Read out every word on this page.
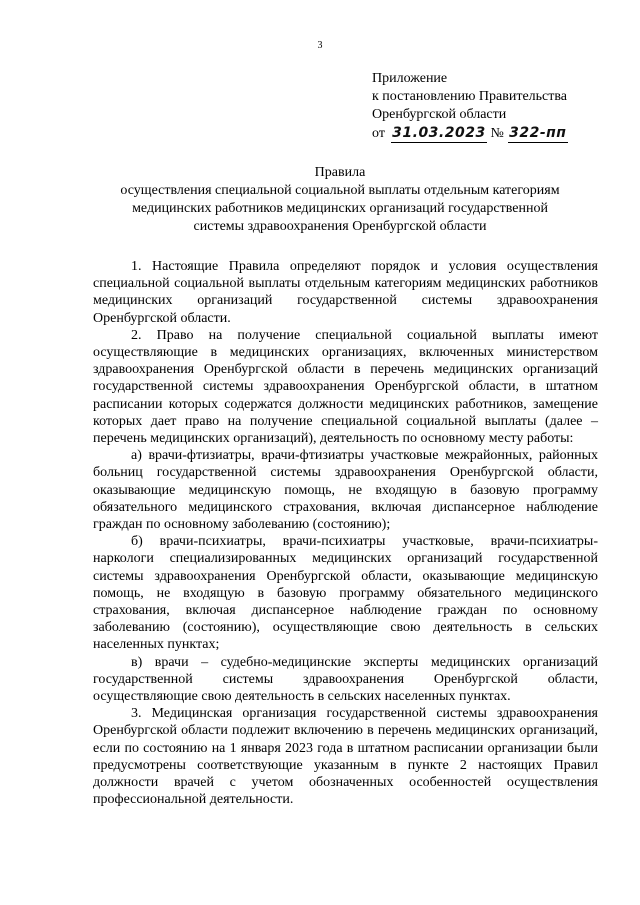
3
Приложение
к постановлению Правительства
Оренбургской области
от 31.03.2023 № 322-пп
Правила
осуществления специальной социальной выплаты отдельным категориям
медицинских работников медицинских организаций государственной
системы здравоохранения Оренбургской области

1. Настоящие Правила определяют порядок и условия осуществления специальной социальной выплаты отдельным категориям медицинских работников медицинских организаций государственной системы здравоохранения Оренбургской области.

2. Право на получение специальной социальной выплаты имеют осуществляющие в медицинских организациях, включенных министерством здравоохранения Оренбургской области в перечень медицинских организаций государственной системы здравоохранения Оренбургской области, в штатном расписании которых содержатся должности медицинских работников, замещение которых дает право на получение специальной социальной выплаты (далее – перечень медицинских организаций), деятельность по основному месту работы:

а) врачи-фтизиатры, врачи-фтизиатры участковые межрайонных, районных больниц государственной системы здравоохранения Оренбургской области, оказывающие медицинскую помощь, не входящую в базовую программу обязательного медицинского страхования, включая диспансерное наблюдение граждан по основному заболеванию (состоянию);

б) врачи-психиатры, врачи-психиатры участковые, врачи-психиатры-наркологи специализированных медицинских организаций государственной системы здравоохранения Оренбургской области, оказывающие медицинскую помощь, не входящую в базовую программу обязательного медицинского страхования, включая диспансерное наблюдение граждан по основному заболеванию (состоянию), осуществляющие свою деятельность в сельских населенных пунктах;

в) врачи – судебно-медицинские эксперты медицинских организаций государственной системы здравоохранения Оренбургской области, осуществляющие свою деятельность в сельских населенных пунктах.

3. Медицинская организация государственной системы здравоохранения Оренбургской области подлежит включению в перечень медицинских организаций, если по состоянию на 1 января 2023 года в штатном расписании организации были предусмотрены соответствующие указанным в пункте 2 настоящих Правил должности врачей с учетом обозначенных особенностей осуществления профессиональной деятельности.
